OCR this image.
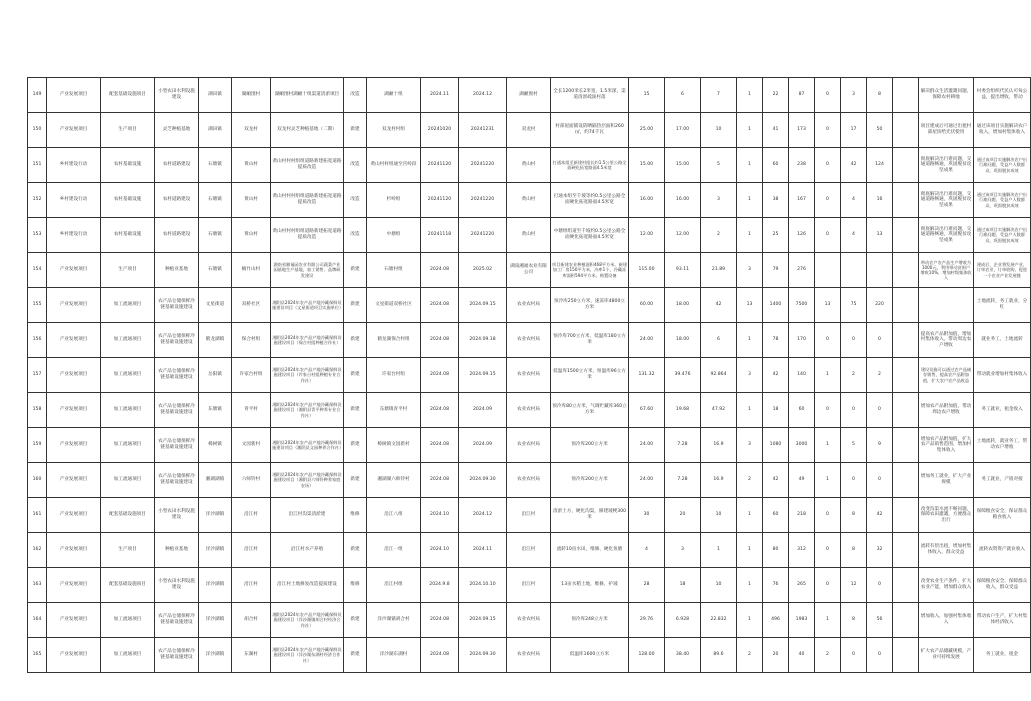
149	产业发展项目	配套基础设施项目	小型农田水利设施建设	湖田镇	湖頔围村	湖頔围村湖頔十组渠道清淤项目	改造	湖頔十组	2024.11	2024.12	湖頔围村	全长1200米长2米宽，1.5米深，渠道清淤疏浚村落	15	6	7	1	22	87	0	3	8		解决群众生活灌溉问题，保障农村耕地	村委会组织代民认可每公益，提出增收，带动
150	产业发展项目	生产项目	灵芝种植基地	湖田镇	双龙村	双龙村灵芝种植基地（二期）	新建	双龙村村组	20241020	20241231	双龙村	村部屋面铺设防晒隔热层面积260㎡，约74千瓦	25.00	17.00	10	1	41	173	0	17	50		项目建成后可通过出租村部屋顶给光伏使用	通过该项目实施解决农户收入，增加村集体收入
151	乡村建设行动	农村基础设施	农村道路建设	石塘镇	黄山村	黄山村村村组组道路新建拓宽道路提质改造	改造	黄山村村组通至宫岭段	20241120	20241220	黄山村	打通本组至新建村组长约1.5公里公路全面硬化拓宽路面4.5米宽	15.00	15.00	5	1	60	238	0	42	124		彻底解决出行难问题，交通道路畅通，巩固脱贫攻坚成果	通过该项目实施解决农户出行难问题，受益户人数群众，巩固脱贫成效
152	乡村建设行动	农村基础设施	农村道路建设	石塘镇	黄山村	黄山村村村组组道路新建拓宽道路提质改造	改造	杉岭组	20241120	20241220	黄山村	打通本组至千坡等约0.5公里公路全面硬化拓宽路面4.5米宽	16.00	16.00	3	1	38	167	0	4	16		彻底解决出行难问题，交通道路畅通，巩固脱贫攻坚成果	通过该项目实施解决农户出行难问题，受益户人数群众，巩固脱贫成效
153	乡村建设行动	农村基础设施	农村道路建设	石塘镇	黄山村	黄山村村村组组道路新建拓宽道路提质改造	改造	中塘组	20241118	20241220	黄山村	中塘组组道至千坡约0.5公里公路全面硬化拓宽路面4.5米宽	12.00	12.00	2	1	25	126	0	4	13		彻底解决出行难问题，交通道路畅通，巩固脱贫攻坚成果	通过该项目实施解决农户出行难问题，受益户人数群众，巩固脱贫成效
154	产业发展项目	生产项目	种植业基地	石塘镇	楠竹山村	湖南省湘福园农业有限公司蔬菜产业园基地生产基地，加工销售、品牌研发建设	新建	石塘村组	2024.08	2025.02	湖南湘福农业有限公司	项目新建农业种植面积468平方米，新建加工厂房150平方米，冷库1个，冷藏冻库面积594平方米，购置设备	115.00	93.11	21.89	3	79	276					带动农户农产品生产增收为1000元，利用带动贫困户增收10%，增加村级集体收入	建成后，企业将发展产业，订单农业，订单收购，促进一个农业产业发展链
155	产业发展项目	加工流通项目	农产品仓储保鲜冷链基础设施建设	文星街道	双桥社区	湘阴县2024年农产品产地冷藏保鲜设施建设项目（文星街道项目实施单位）	新建	文星街道双桥社区	2024.08	2024.09.15	农业农村局	预冷库250立方米，速冻库4800立方米	60.00	18.00	42	13	1400	7500	13	75	220			土地流转，务工就业，分红
156	产业发展项目	加工流通项目	农产品仓储保鲜冷链基础设施建设	鹤龙湖镇	保合村组	湘阴县2024年农产品产地冷藏保鲜设施建设项目（保合村组种植合作社）	新建	鹤龙湖保合村组	2024.08	2024.09.18	农业农村局	预冷库700立方米，低温库180立方米	24.00	18.00	6	1	78	170	0	0	0		提高农产品附加值，增加村集体收入，带动周边农户增收	就业务工，土地流转
157	产业发展项目	加工流通项目	农产品仓储保鲜冷链基础设施建设	岳阳镇	许家台村组	湘阴县2024年农产品产地冷藏保鲜设施建设项目（许家台村组种植专业合作社）	新建	许家台村组	2024.08	2024.09.15	农业农村局	低温库1500立方米，恒温库96立方米	131.32	39.476	92.864	3	42	140	1	2	2		建设设施可以通过农产品储存销售，提高农产品附加值，扩大农户农产品收益	带动就业增加村集体收入
158	产业发展项目	加工流通项目	农产品仓储保鲜冷链基础设施建设	东塘镇	青平村	湘阴县2024年农产品产地冷藏保鲜设施建设项目（湘阴县青平种养专业合作社）	新建	东塘镇青平村	2024.08	2024.09	农业农村局	预冷库80立方米，气调贮藏库360立方米	67.60	19.68	47.92	1	18	60	0	0	0		增加农产品附加值，带动周边农户增收	务工就业，租金收入
159	产业发展项目	加工流通项目	农产品仓储保鲜冷链基础设施建设	樟树镇	文园新村	湘阴县2024年农产品产地冷藏保鲜设施建设项目（湘阴县文园种养合作社）	新建	樟树镇文园新村	2024.08	2024.09	农业农村局	预冷库200立方米	24.00	7.28	16.9	3	1080	3000	1	5	9		增加农产品附加值，扩大农产品销售范围，增加村集体收入	土地流转，就业务工，带动农户增收
160	产业发展项目	加工流通项目	农产品仓储保鲜冷链基础设施建设	湘湖湖镇	六师铃村	湘阴县2024年农产品产地冷藏保鲜设施建设项目（湘阴县六师铃种养家庭农场）	新建	湘湖湖六师铃村	2024.08	2024.09.30	农业农村局	预冷库200立方米	24.00	7.28	16.9	2	42	49	1	0	0		增加务工就业，扩大产业规模	务工就业，产销对接
161	产业发展项目	配套基础设施项目	小型农田水利设施建设	洋沙湖镇	沿江村	沿江村沟渠清淤建	维修	沿江八组	2024.10	2024.12	沿江村	清淤土方，硬化沟渠，修建坡梗300米	30	20	10	1	60	218	0	8	42		改变沟渠水流不畅问题，保障农田灌溉，方便群众出行	保障粮食安全，保证群众粮食收入
162	产业发展项目	生产项目	种植业基地	洋沙湖镇	沿江村	沿江村水产养殖	新建	沿江一组	2024.10	2024.11	沿江村	流转10亩水田，维修、硬化鱼塘	4	3	1	1	80	312	0	8	32		流转有偿出租，增加村集体收入，群众受益	流转农资资产就业收入
163	产业发展项目	配套基础设施项目	小型农田水利设施建设	洋沙湖镇	沿江村	沿江村土地修复改造提质建设	维修	沿江村组	2024.9.8	2024.10.10	沿江村	13亩水稻土地，维修，护坡	28	18	10	1	76	265	0	12	0		改变农业生产条件，扩大农业产能，增加群众收入	保障粮食安全，保障群众收入，群众受益
164	产业发展项目	加工流通项目	农产品仓储保鲜冷链基础设施建设	洋沙湖镇	胡合村	湘阴县2024年农产品产地冷藏保鲜设施建设项目（洋沙湖镇胡合村经济合作社）	新建	洋沙湖镇胡合村	2024.08	2024.09.15	农业农村局	预冷库248立方米	29.76	6.928	22.832	1	496	1983	1	8	56		增加收入，加强村集体收入	带动农户生产，扩大村集体经济收入
165	产业发展项目	加工流通项目	农产品仓储保鲜冷链基础设施建设	洋沙湖镇	东湖村	湘阴县2024年农产品产地冷藏保鲜设施建设项目（洋沙湖东湖村经济合作社）	新建	洋沙湖东湖村	2024.08	2024.09.30	农业农村局	低温库1600立方米	128.00	38.40	89.6	2	20	40	2	0	0		扩大农产品储藏规模，产业可持续发展	务工就业，租金
